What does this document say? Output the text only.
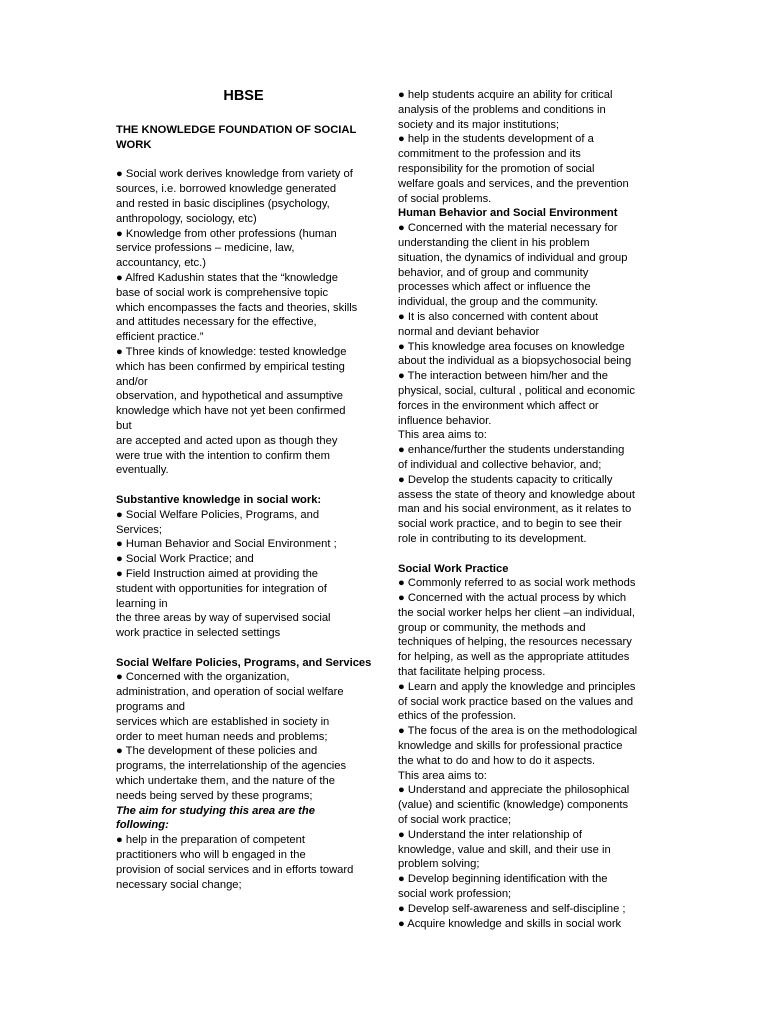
HBSE
THE KNOWLEDGE FOUNDATION OF SOCIAL
WORK
● Social work derives knowledge from variety of
sources, i.e. borrowed knowledge generated
and rested in basic disciplines (psychology,
anthropology, sociology, etc)
● Knowledge from other professions (human
service professions – medicine, law,
accountancy, etc.)
● Alfred Kadushin states that the “knowledge
base of social work is comprehensive topic
which encompasses the facts and theories, skills
and attitudes necessary for the effective,
efficient practice.”
● Three kinds of knowledge: tested knowledge
which has been confirmed by empirical testing
and/or
observation, and hypothetical and assumptive
knowledge which have not yet been confirmed
but
are accepted and acted upon as though they
were true with the intention to confirm them
eventually.
Substantive knowledge in social work:
● Social Welfare Policies, Programs, and
Services;
● Human Behavior and Social Environment ;
● Social Work Practice; and
● Field Instruction aimed at providing the
student with opportunities for integration of
learning in
the three areas by way of supervised social
work practice in selected settings
Social Welfare Policies, Programs, and Services
● Concerned with the organization,
administration, and operation of social welfare
programs and
services which are established in society in
order to meet human needs and problems;
● The development of these policies and
programs, the interrelationship of the agencies
which undertake them, and the nature of the
needs being served by these programs;
The aim for studying this area are the
following:
● help in the preparation of competent
practitioners who will b engaged in the
provision of social services and in efforts toward
necessary social change;
● help students acquire an ability for critical
analysis of the problems and conditions in
society and its major institutions;
● help in the students development of a
commitment to the profession and its
responsibility for the promotion of social
welfare goals and services, and the prevention
of social problems.
Human Behavior and Social Environment
● Concerned with the material necessary for
understanding the client in his problem
situation, the dynamics of individual and group
behavior, and of group and community
processes which affect or influence the
individual, the group and the community.
● It is also concerned with content about
normal and deviant behavior
● This knowledge area focuses on knowledge
about the individual as a biopsychosocial being
● The interaction between him/her and the
physical, social, cultural , political and economic
forces in the environment which affect or
influence behavior.
This area aims to:
● enhance/further the students understanding
of individual and collective behavior, and;
● Develop the students capacity to critically
assess the state of theory and knowledge about
man and his social environment, as it relates to
social work practice, and to begin to see their
role in contributing to its development.
Social Work Practice
● Commonly referred to as social work methods
● Concerned with the actual process by which
the social worker helps her client –an individual,
group or community, the methods and
techniques of helping, the resources necessary
for helping, as well as the appropriate attitudes
that facilitate helping process.
● Learn and apply the knowledge and principles
of social work practice based on the values and
ethics of the profession.
● The focus of the area is on the methodological
knowledge and skills for professional practice
the what to do and how to do it aspects.
This area aims to:
● Understand and appreciate the philosophical
(value) and scientific (knowledge) components
of social work practice;
● Understand the inter relationship of
knowledge, value and skill, and their use in
problem solving;
● Develop beginning identification with the
social work profession;
● Develop self-awareness and self-discipline ;
● Acquire knowledge and skills in social work
